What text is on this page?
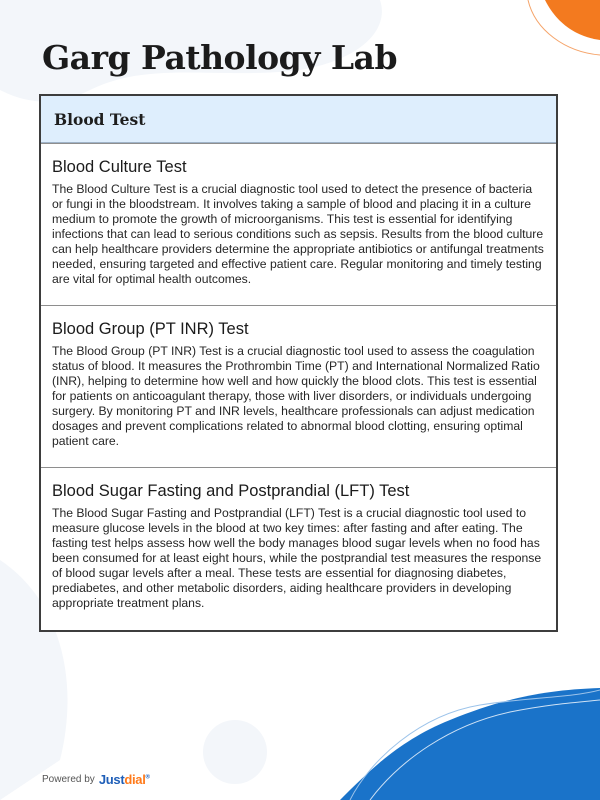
Garg Pathology Lab
Blood Test
Blood Culture Test

The Blood Culture Test is a crucial diagnostic tool used to detect the presence of bacteria or fungi in the bloodstream. It involves taking a sample of blood and placing it in a culture medium to promote the growth of microorganisms. This test is essential for identifying infections that can lead to serious conditions such as sepsis. Results from the blood culture can help healthcare providers determine the appropriate antibiotics or antifungal treatments needed, ensuring targeted and effective patient care. Regular monitoring and timely testing are vital for optimal health outcomes.

Blood Group (PT INR) Test

The Blood Group (PT INR) Test is a crucial diagnostic tool used to assess the coagulation status of blood. It measures the Prothrombin Time (PT) and International Normalized Ratio (INR), helping to determine how well and how quickly the blood clots. This test is essential for patients on anticoagulant therapy, those with liver disorders, or individuals undergoing surgery. By monitoring PT and INR levels, healthcare professionals can adjust medication dosages and prevent complications related to abnormal blood clotting, ensuring optimal patient care.

Blood Sugar Fasting and Postprandial (LFT) Test

The Blood Sugar Fasting and Postprandial (LFT) Test is a crucial diagnostic tool used to measure glucose levels in the blood at two key times: after fasting and after eating. The fasting test helps assess how well the body manages blood sugar levels when no food has been consumed for at least eight hours, while the postprandial test measures the response of blood sugar levels after a meal. These tests are essential for diagnosing diabetes, prediabetes, and other metabolic disorders, aiding healthcare providers in developing appropriate treatment plans.

Powered by Justdial®
